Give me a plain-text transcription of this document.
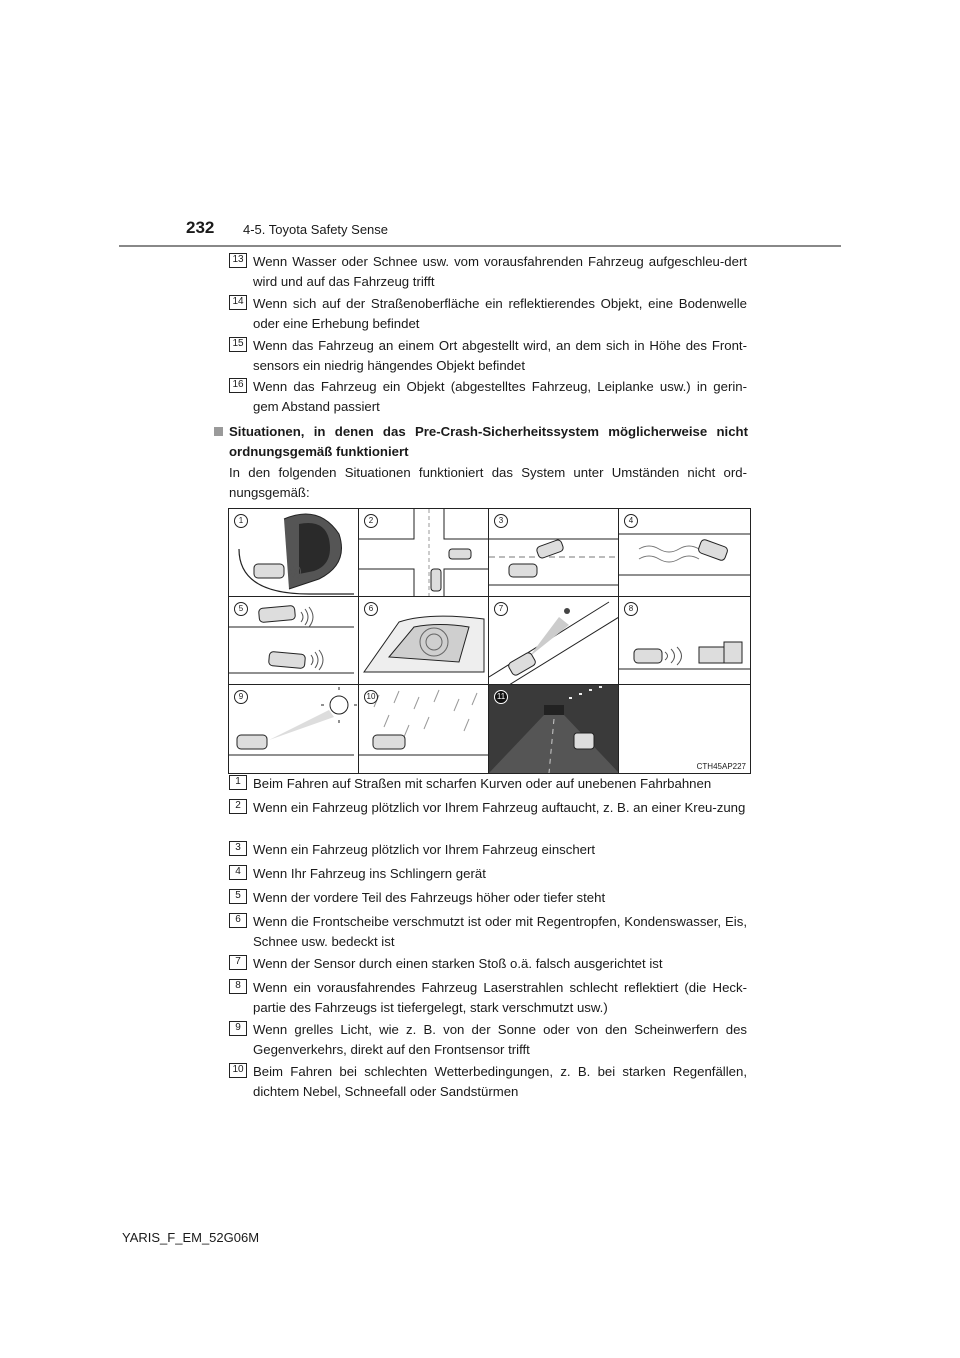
232 4-5. Toyota Safety Sense
13 Wenn Wasser oder Schnee usw. vom vorausfahrenden Fahrzeug aufgeschleu-dert wird und auf das Fahrzeug trifft
14 Wenn sich auf der Straßenoberfläche ein reflektierendes Objekt, eine Bodenwelle oder eine Erhebung befindet
15 Wenn das Fahrzeug an einem Ort abgestellt wird, an dem sich in Höhe des Front-sensors ein niedrig hängendes Objekt befindet
16 Wenn das Fahrzeug ein Objekt (abgestelltes Fahrzeug, Leiplanke usw.) in gerin-gem Abstand passiert
Situationen, in denen das Pre-Crash-Sicherheitssystem möglicherweise nicht ordnungsgemäß funktioniert
In den folgenden Situationen funktioniert das System unter Umständen nicht ord-nungsgemäß:
1	2	3	4
5	6	7	8
9	10	11
CTH45AP227
1 Beim Fahren auf Straßen mit scharfen Kurven oder auf unebenen Fahrbahnen
2 Wenn ein Fahrzeug plötzlich vor Ihrem Fahrzeug auftaucht, z. B. an einer Kreu-zung
3 Wenn ein Fahrzeug plötzlich vor Ihrem Fahrzeug einschert
4 Wenn Ihr Fahrzeug ins Schlingern gerät
5 Wenn der vordere Teil des Fahrzeugs höher oder tiefer steht
6 Wenn die Frontscheibe verschmutzt ist oder mit Regentropfen, Kondenswasser, Eis, Schnee usw. bedeckt ist
7 Wenn der Sensor durch einen starken Stoß o.ä. falsch ausgerichtet ist
8 Wenn ein vorausfahrendes Fahrzeug Laserstrahlen schlecht reflektiert (die Heck-partie des Fahrzeugs ist tiefergelegt, stark verschmutzt usw.)
9 Wenn grelles Licht, wie z. B. von der Sonne oder von den Scheinwerfern des Gegenverkehrs, direkt auf den Frontsensor trifft
10 Beim Fahren bei schlechten Wetterbedingungen, z. B. bei starken Regenfällen, dichtem Nebel, Schneefall oder Sandstürmen
YARIS_F_EM_52G06M
